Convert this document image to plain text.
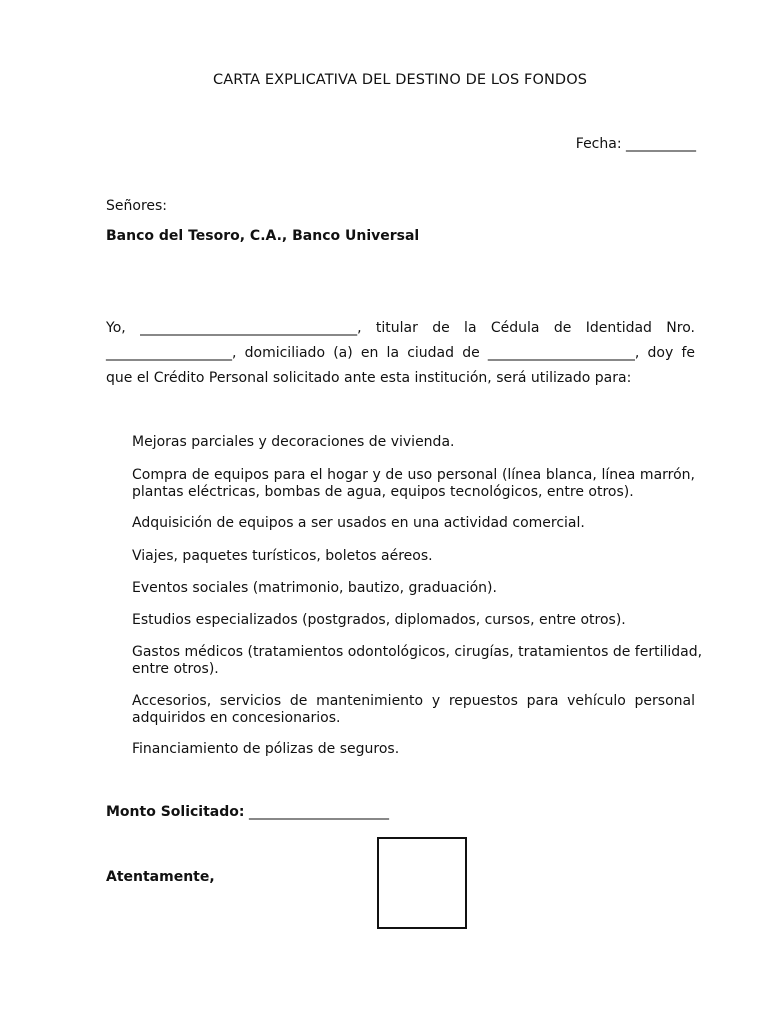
CARTA EXPLICATIVA DEL DESTINO DE LOS FONDOS
Fecha: __________
Señores:
Banco del Tesoro, C.A., Banco Universal
Yo, _______________________________, titular de la Cédula de Identidad Nro.
__________________, domiciliado (a) en la ciudad de _____________________, doy fe
que el Crédito Personal solicitado ante esta institución, será utilizado para:
Mejoras parciales y decoraciones de vivienda.
Compra de equipos para el hogar y de uso personal (línea blanca, línea marrón,
plantas eléctricas, bombas de agua, equipos tecnológicos, entre otros).
Adquisición de equipos a ser usados en una actividad comercial.
Viajes, paquetes turísticos, boletos aéreos.
Eventos sociales (matrimonio, bautizo, graduación).
Estudios especializados (postgrados, diplomados, cursos, entre otros).
Gastos médicos (tratamientos odontológicos, cirugías, tratamientos de fertilidad,
entre otros).
Accesorios, servicios de mantenimiento y repuestos para vehículo personal
adquiridos en concesionarios.
Financiamiento de pólizas de seguros.
Monto Solicitado: ____________________
Atentamente,
